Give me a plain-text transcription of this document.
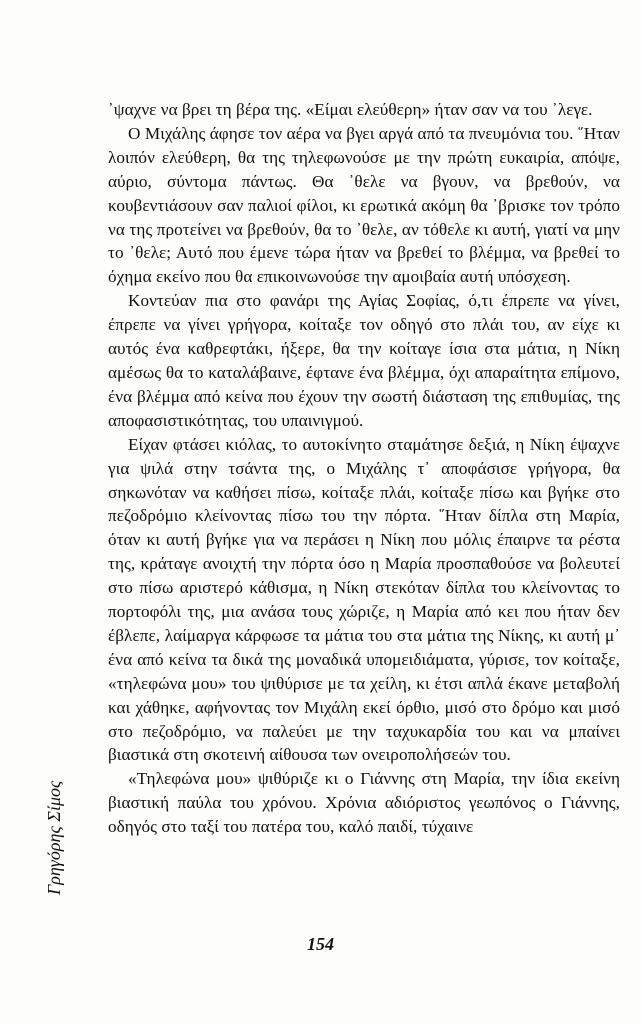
᾿ψαχνε να βρει τη βέρα της. «Είμαι ελεύθερη» ήταν σαν να του ᾿λεγε.

Ο Μιχάλης άφησε τον αέρα να βγει αργά από τα πνευμόνια του. ῞Ηταν λοιπόν ελεύθερη, θα της τηλεφωνούσε με την πρώτη ευκαιρία, απόψε, αύριο, σύντομα πάντως. Θα ᾿θελε να βγουν, να βρεθούν, να κουβεντιάσουν σαν παλιοί φίλοι, κι ερωτικά ακόμη θα ᾿βρισκε τον τρόπο να της προτείνει να βρεθούν, θα το ᾿θελε, αν τόθελε κι αυτή, γιατί να μην το ᾿θελε; Αυτό που έμενε τώρα ήταν να βρεθεί το βλέμμα, να βρεθεί το όχημα εκείνο που θα επικοινωνούσε την αμοιβαία αυτή υπόσχεση.

Κοντεύαν πια στο φανάρι της Αγίας Σοφίας, ό,τι έπρεπε να γίνει, έπρεπε να γίνει γρήγορα, κοίταξε τον οδηγό στο πλάι του, αν είχε κι αυτός ένα καθρεφτάκι, ήξερε, θα την κοίταγε ίσια στα μάτια, η Νίκη αμέσως θα το καταλάβαινε, έφτανε ένα βλέμμα, όχι απαραίτητα επίμονο, ένα βλέμμα από κείνα που έχουν την σωστή διάσταση της επιθυμίας, της αποφασιστικότητας, του υπαινιγμού.

Είχαν φτάσει κιόλας, το αυτοκίνητο σταμάτησε δεξιά, η Νίκη έψαχνε για ψιλά στην τσάντα της, ο Μιχάλης τ᾿ αποφάσισε γρήγορα, θα σηκωνόταν να καθήσει πίσω, κοίταξε πλάι, κοίταξε πίσω και βγήκε στο πεζοδρόμιο κλείνοντας πίσω του την πόρτα. ῞Ηταν δίπλα στη Μαρία, όταν κι αυτή βγήκε για να περάσει η Νίκη που μόλις έπαιρνε τα ρέστα της, κράταγε ανοιχτή την πόρτα όσο η Μαρία προσπαθούσε να βολευτεί στο πίσω αριστερό κάθισμα, η Νίκη στεκόταν δίπλα του κλείνοντας το πορτοφόλι της, μια ανάσα τους χώριζε, η Μαρία από κει που ήταν δεν έβλεπε, λαίμαργα κάρφωσε τα μάτια του στα μάτια της Νίκης, κι αυτή μ᾿ ένα από κείνα τα δικά της μοναδικά υπομειδιάματα, γύρισε, τον κοίταξε, «τηλεφώνα μου» του ψιθύρισε με τα χείλη, κι έτσι απλά έκανε μεταβολή και χάθηκε, αφήνοντας τον Μιχάλη εκεί όρθιο, μισό στο δρόμο και μισό στο πεζοδρόμιο, να παλεύει με την ταχυκαρδία του και να μπαίνει βιαστικά στη σκοτεινή αίθουσα των ονειροπολήσεών του.

«Τηλεφώνα μου» ψιθύριζε κι ο Γιάννης στη Μαρία, την ίδια εκείνη βιαστική παύλα του χρόνου. Χρόνια αδιόριστος γεωπόνος ο Γιάννης, οδηγός στο ταξί του πατέρα του, καλό παιδί, τύχαινε

Γρηγόρης Σίμος
154
